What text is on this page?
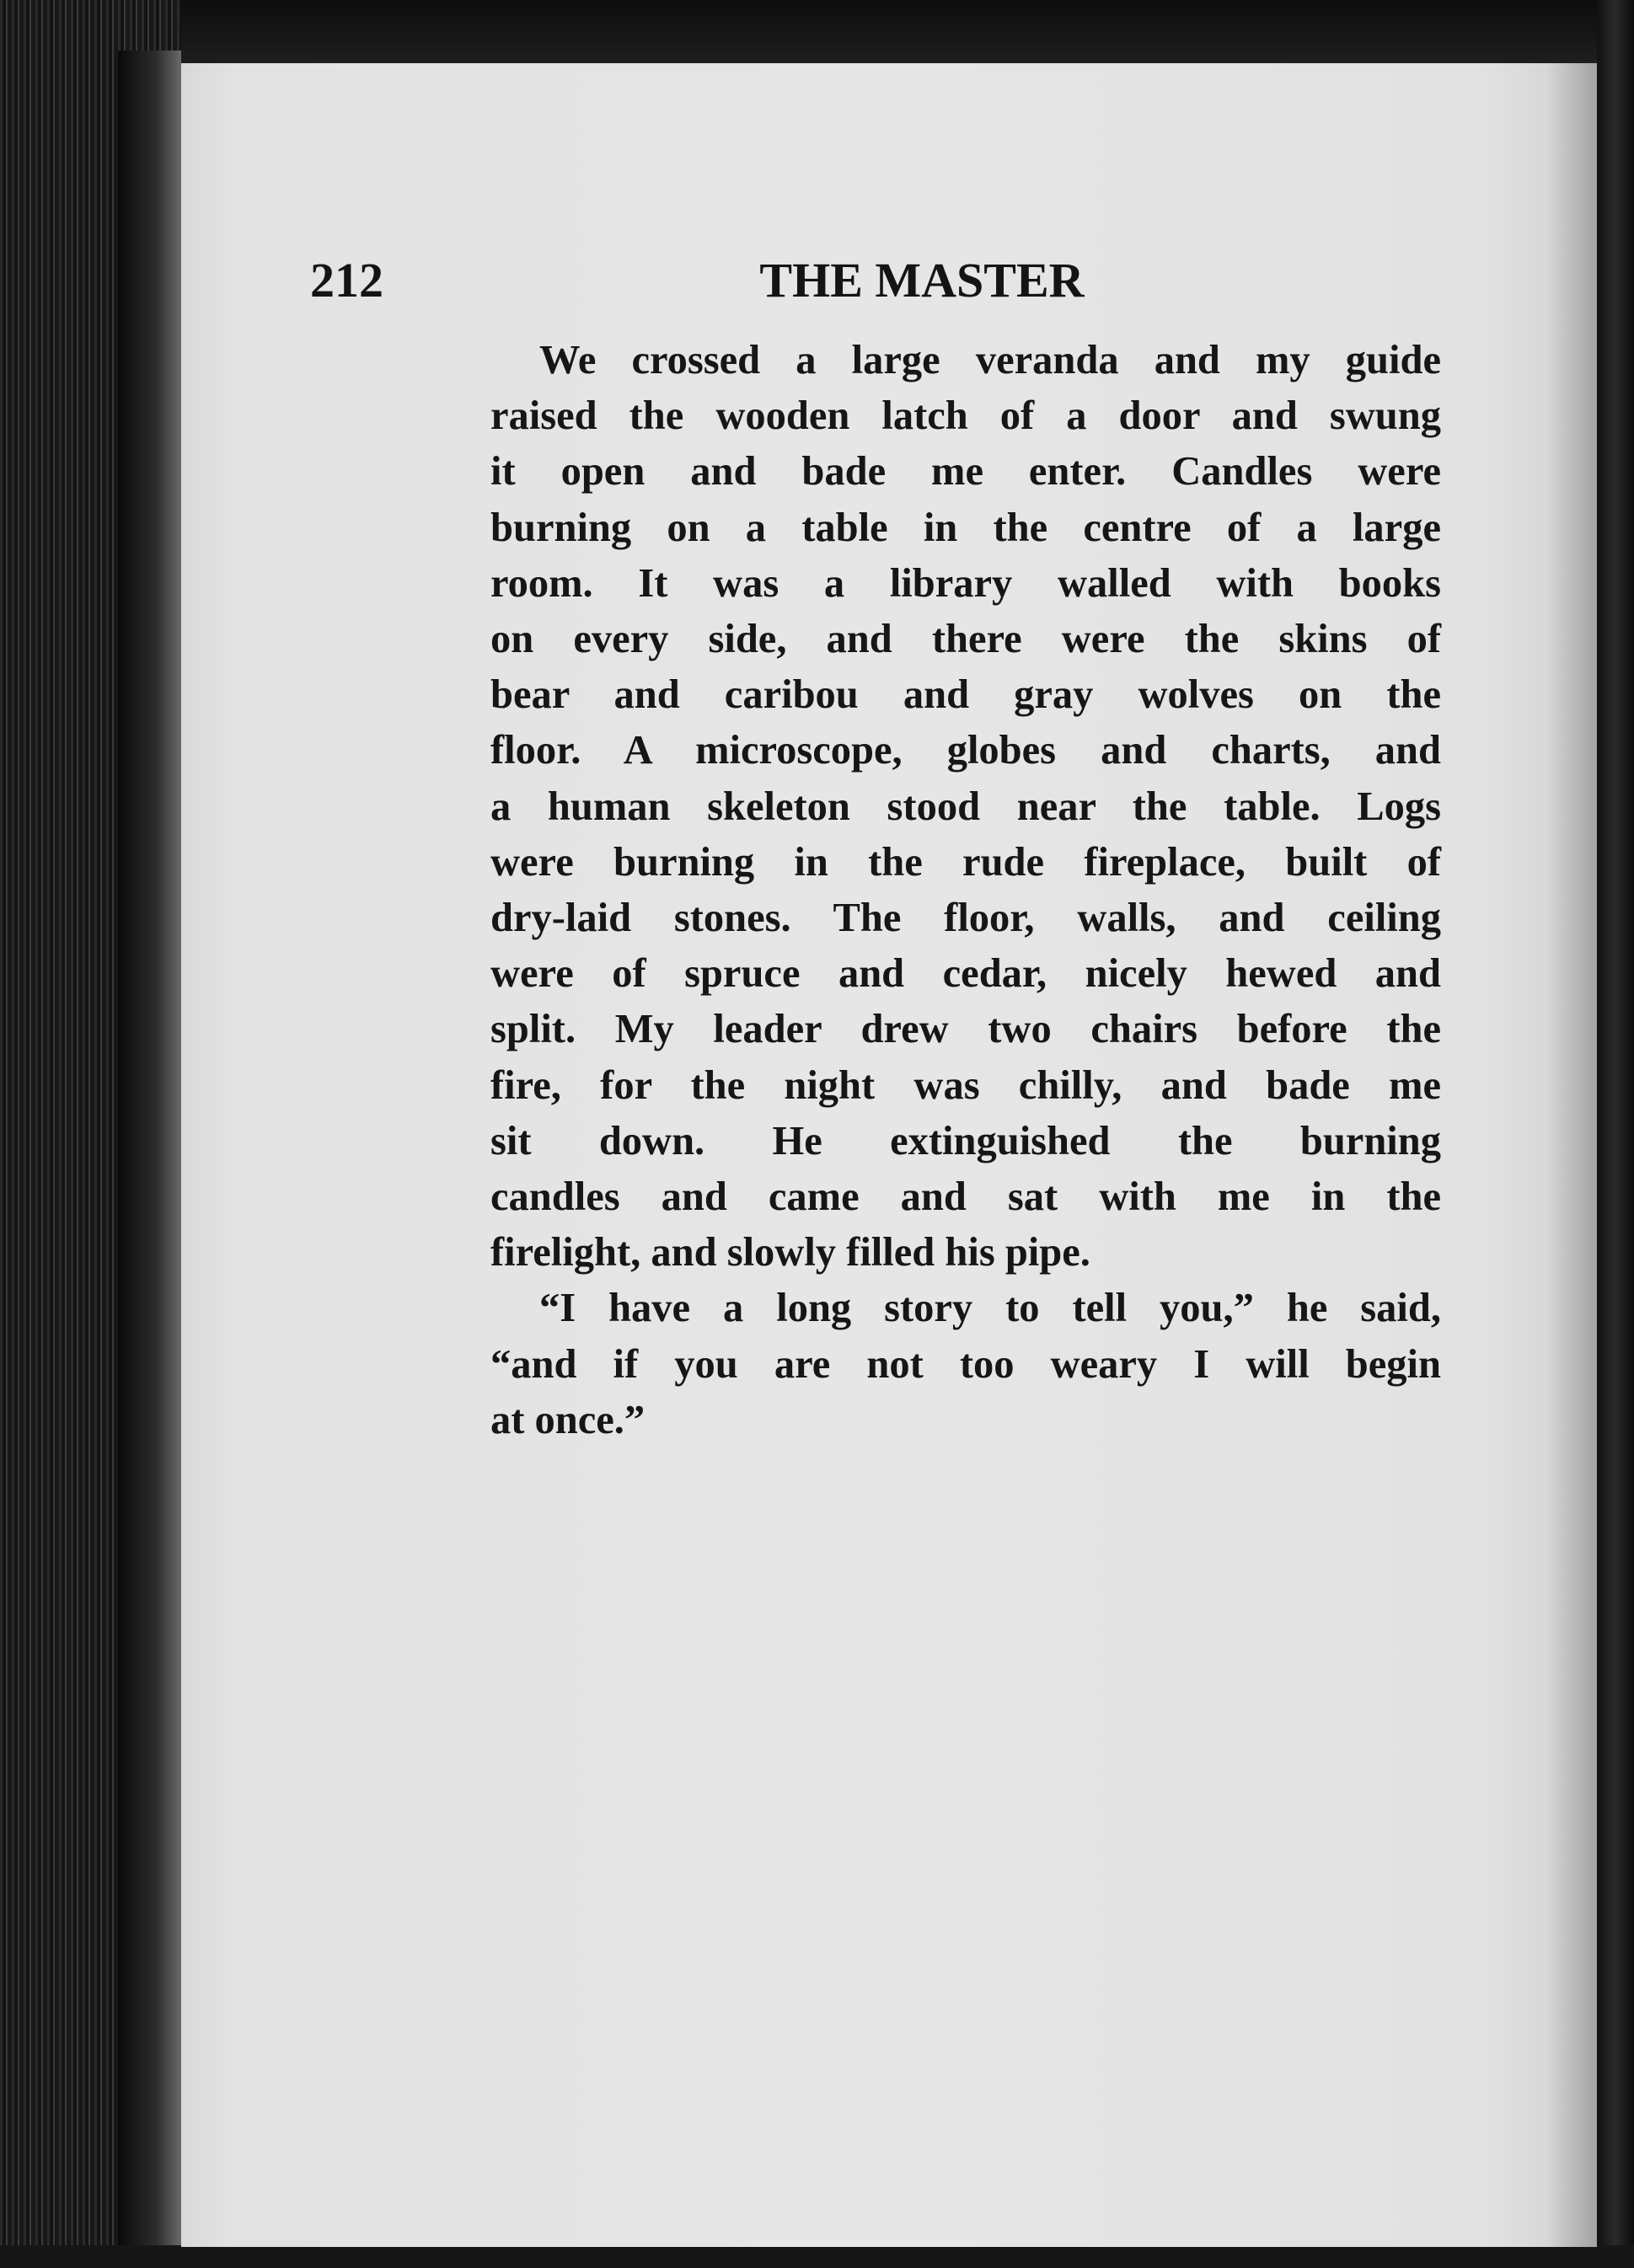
212	THE MASTER

We crossed a large veranda and my guide
raised the wooden latch of a door and swung
it open and bade me enter. Candles were
burning on a table in the centre of a large
room. It was a library walled with books
on every side, and there were the skins of
bear and caribou and gray wolves on the
floor. A microscope, globes and charts, and
a human skeleton stood near the table. Logs
were burning in the rude fireplace, built of
dry-laid stones. The floor, walls, and ceiling
were of spruce and cedar, nicely hewed and
split. My leader drew two chairs before the
fire, for the night was chilly, and bade me
sit down. He extinguished the burning
candles and came and sat with me in the
firelight, and slowly filled his pipe.

“I have a long story to tell you,” he said,
“and if you are not too weary I will begin
at once.”
